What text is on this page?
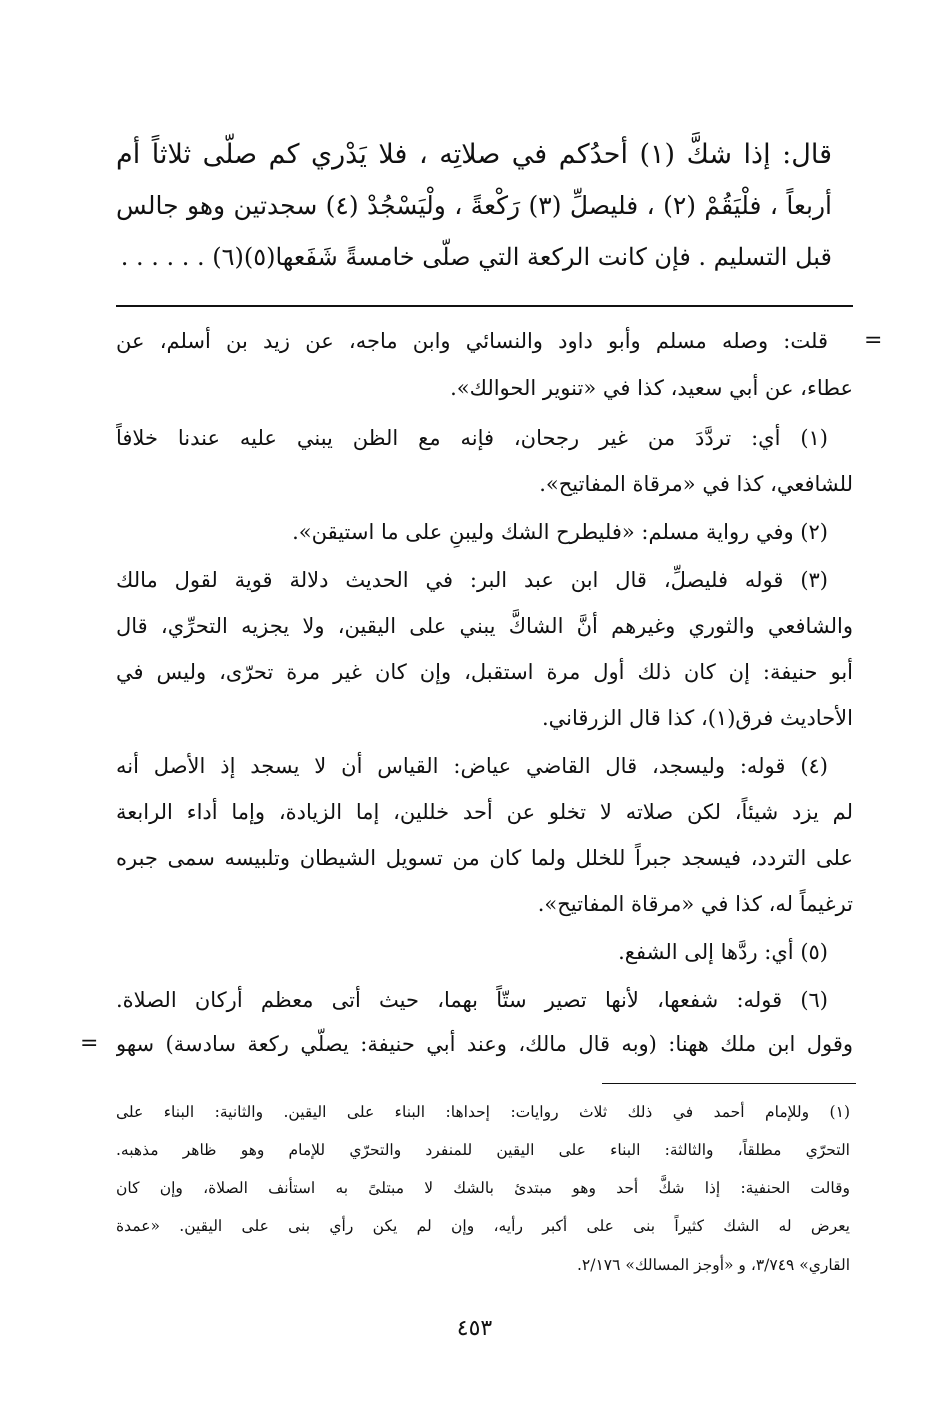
قال: إذا شكَّ (١) أحدُكم في صلاتِه ، فلا يَدْري كم صلّى ثلاثاً أم
أربعاً ، فلْيَقُمْ (٢) ، فليصلِّ (٣) رَكْعةً ، ولْيَسْجُدْ (٤) سجدتين وهو جالس
قبل التسليم . فإن كانت الركعة التي صلّى خامسةً شَفَعها(٥)(٦) . . . . . .
قلت: وصله مسلم وأبو داود والنسائي وابن ماجه، عن زيد بن أسلم، عن
عطاء، عن أبي سعيد، كذا في «تنوير الحوالك».
(١) أي: تردَّدَ من غير رجحان، فإنه مع الظن يبني عليه عندنا خلافاً
للشافعي، كذا في «مرقاة المفاتيح».
(٢) وفي رواية مسلم: «فليطرح الشك وليبنِ على ما استيقن».
(٣) قوله فليصلِّ، قال ابن عبد البر: في الحديث دلالة قوية لقول مالك
والشافعي والثوري وغيرهم أنَّ الشاكَّ يبني على اليقين، ولا يجزيه التحرِّي، قال
أبو حنيفة: إن كان ذلك أول مرة استقبل، وإن كان غير مرة تحرّى، وليس في
الأحاديث فرق(١)، كذا قال الزرقاني.
(٤) قوله: وليسجد، قال القاضي عياض: القياس أن لا يسجد إذ الأصل أنه
لم يزد شيئاً، لكن صلاته لا تخلو عن أحد خللين، إما الزيادة، وإما أداء الرابعة
على التردد، فيسجد جبراً للخلل ولما كان من تسويل الشيطان وتلبيسه سمى جبره
ترغيماً له، كذا في «مرقاة المفاتيح».
(٥) أي: ردَّها إلى الشفع.
(٦) قوله: شفعها، لأنها تصير ستّاً بهما، حيث أتى معظم أركان الصلاة.
وقول ابن ملك ههنا: (وبه قال مالك، وعند أبي حنيفة: يصلّي ركعة سادسة) سهو
=
=
(١) وللإمام أحمد في ذلك ثلاث روايات: إحداها: البناء على اليقين. والثانية: البناء على
التحرّي مطلقاً، والثالثة: البناء على اليقين للمنفرد والتحرّي للإمام وهو ظاهر مذهبه.
وقالت الحنفية: إذا شكَّ أحد وهو مبتدئ بالشك لا مبتلىً به استأنف الصلاة، وإن كان
يعرض له الشك كثيراً بنى على أكبر رأيه، وإن لم يكن رأي بنى على اليقين. «عمدة
القاري» ٣/٧٤٩، و «أوجز المسالك» ٢/١٧٦.
٤٥٣
